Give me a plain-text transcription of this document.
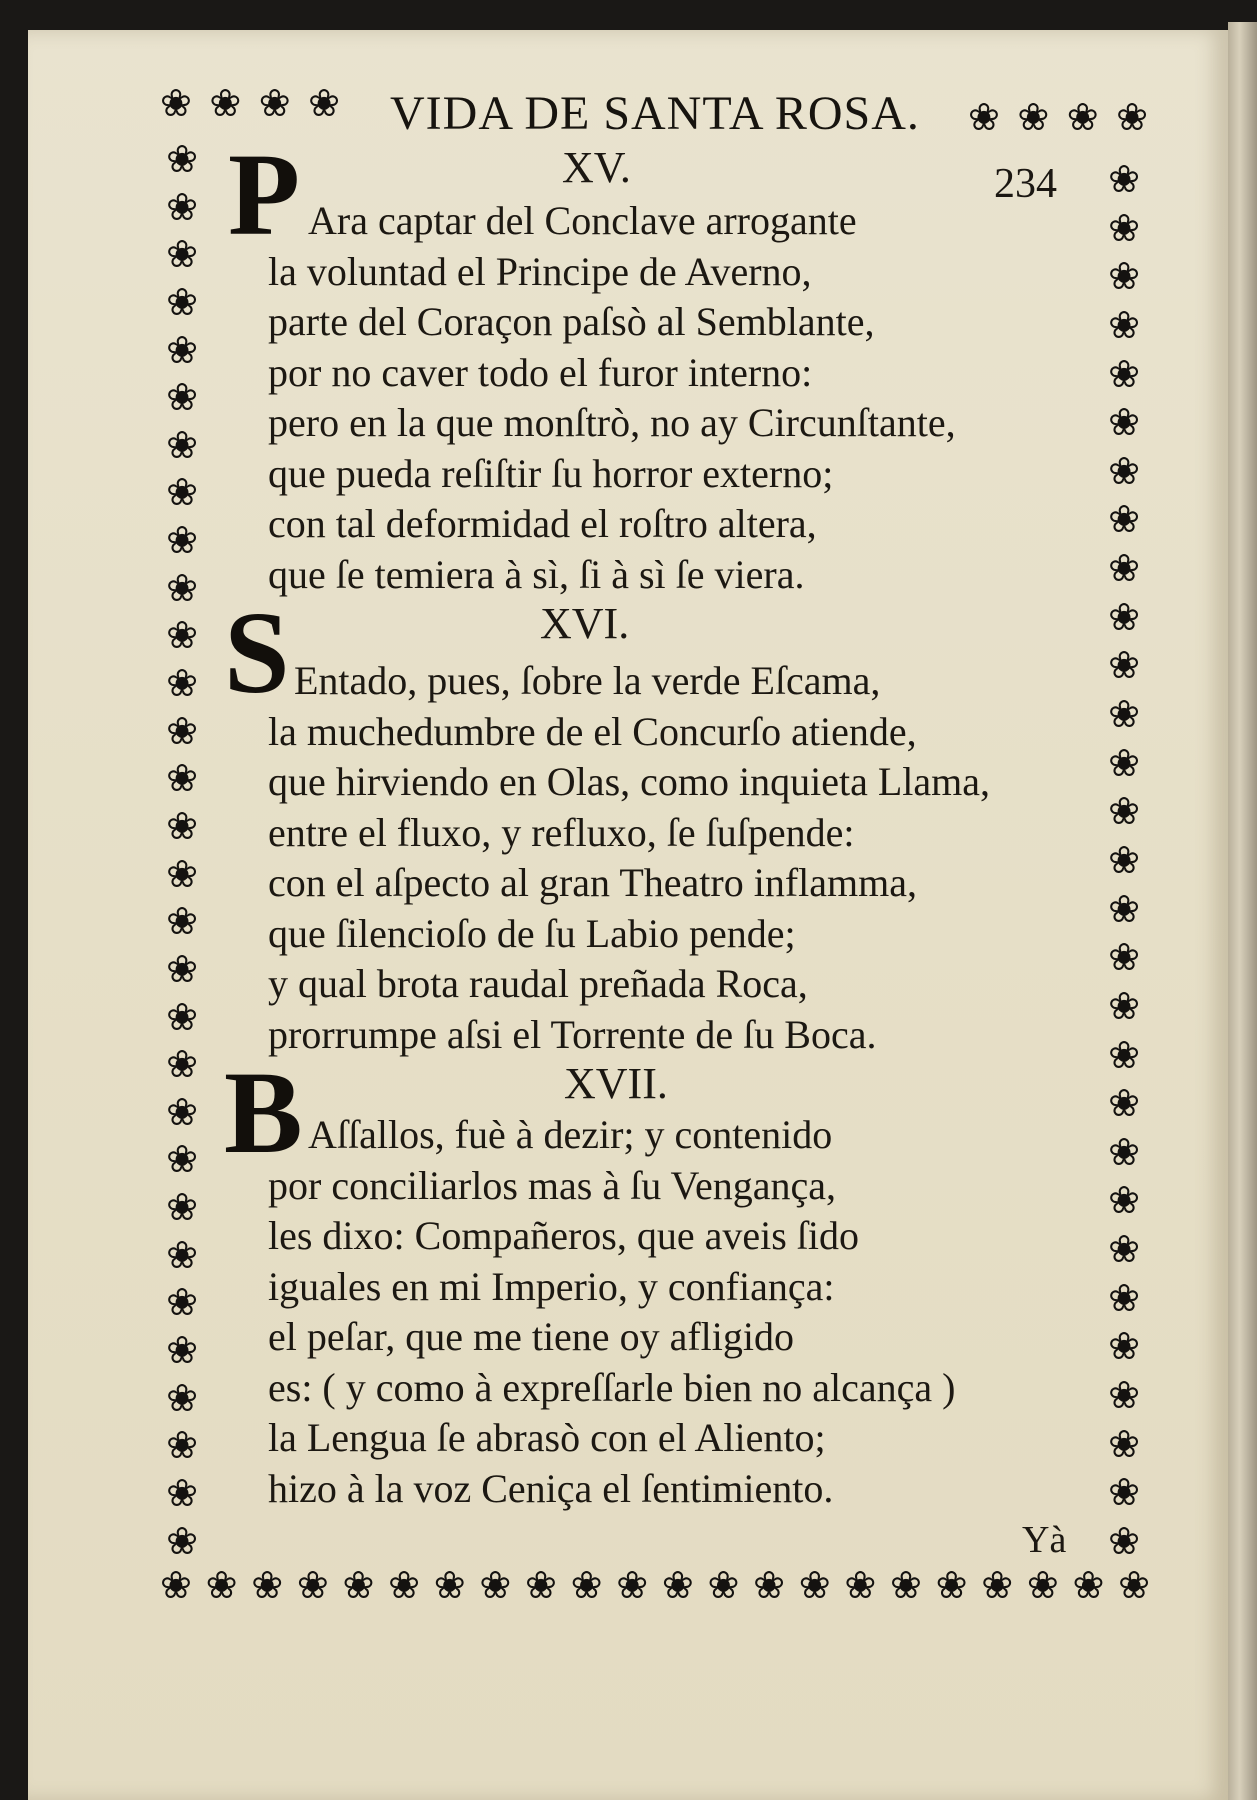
❀ ❀ ❀ ❀	❀ ❀ ❀ ❀
❀ ❀ ❀ ❀ ❀ ❀ ❀ ❀ ❀ ❀ ❀ ❀ ❀ ❀ ❀ ❀ ❀ ❀ ❀ ❀ ❀ ❀
❀
❀
❀
❀
❀
❀
❀
❀
❀
❀
❀
❀
❀
❀
❀
❀
❀
❀
❀
❀
❀
❀
❀
❀
❀
❀
❀
❀
❀
❀
❀
❀
❀
❀
❀
❀
❀
❀
❀
❀
❀
❀
❀
❀
❀
❀
❀
❀
❀
❀
❀
❀
❀
❀
❀
❀
❀
❀
❀
VIDA DE SANTA ROSA.
234
XV.
P Ara captar del Conclave arrogante
la voluntad el Principe de Averno,
parte del Coraçon paſsò al Semblante,
por no caver todo el furor interno:
pero en la que monſtrò, no ay Circunſtante,
que pueda reſiſtir ſu horror externo;
con tal deformidad el roſtro altera,
que ſe temiera à sì, ſi à sì ſe viera.
XVI.
S Entado, pues, ſobre la verde Eſcama,
la muchedumbre de el Concurſo atiende,
que hirviendo en Olas, como inquieta Llama,
entre el fluxo, y refluxo, ſe ſuſpende:
con el aſpecto al gran Theatro inflamma,
que ſilencioſo de ſu Labio pende;
y qual brota raudal preñada Roca,
prorrumpe aſsi el Torrente de ſu Boca.
XVII.
B Aſſallos, fuè à dezir; y contenido
por conciliarlos mas à ſu Vengança,
les dixo: Compañeros, que aveis ſido
iguales en mi Imperio, y confiança:
el peſar, que me tiene oy afligido
es: ( y como à expreſſarle bien no alcança )
la Lengua ſe abrasò con el Aliento;
hizo à la voz Ceniça el ſentimiento.
Yà
